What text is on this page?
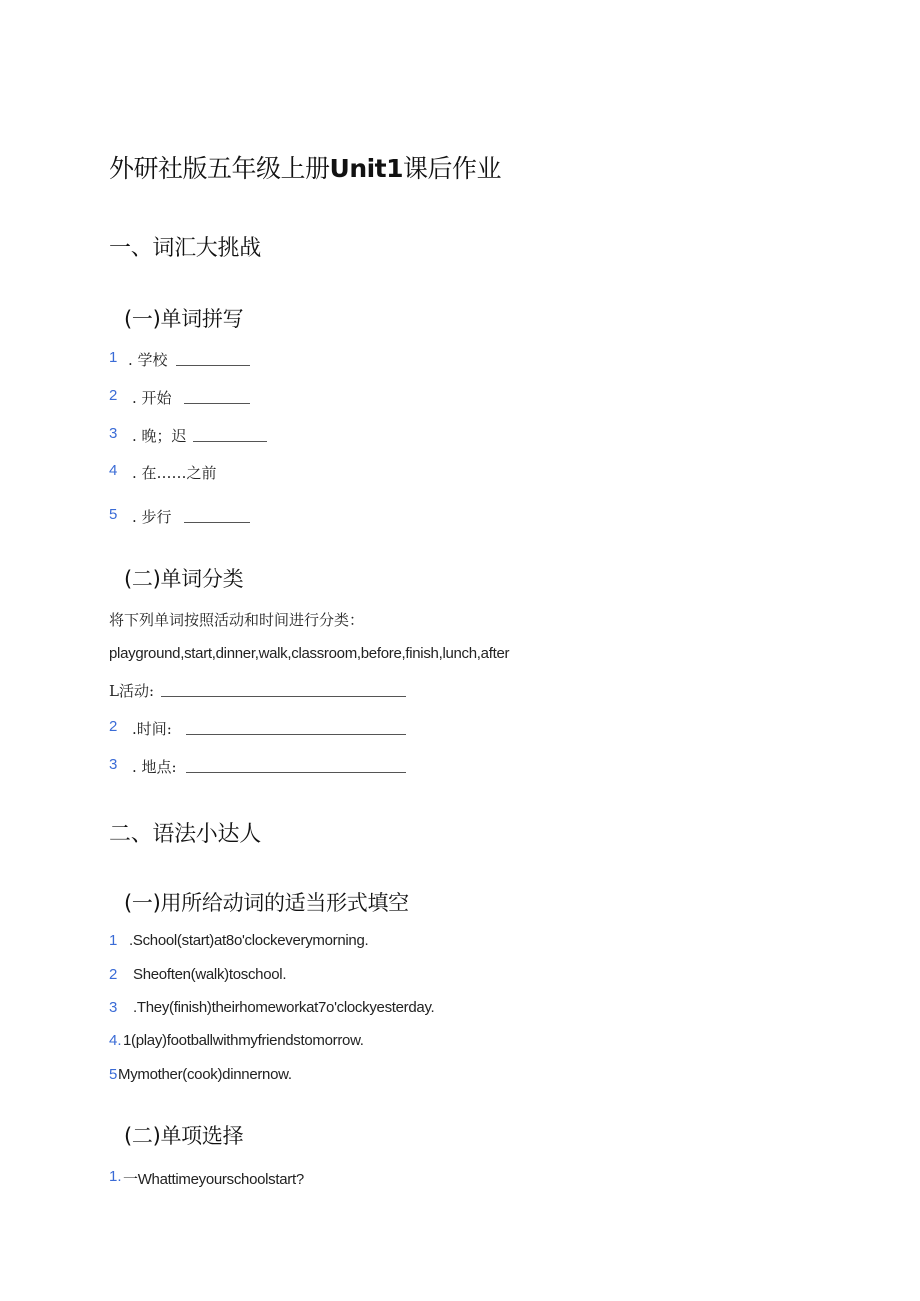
外研社版五年级上册Unit1课后作业
一、词汇大挑战
(一)单词拼写
1 . 学校
2 . 开始
3 . 晚；迟
4 . 在……之前
5 . 步行
(二)单词分类
将下列单词按照活动和时间进行分类：
playground,start,dinner,walk,classroom,before,finish,lunch,after
L活动:
2 .时间:
3 . 地点:
二、语法小达人
(一)用所给动词的适当形式填空
1 .School(start)at8o'clockeverymorning.
2 Sheoften(walk)toschool.
3 .They(finish)theirhomeworkat7o'clockyesterday.
4. 1(play)footballwithmyfriendstomorrow.
5 Mymother(cook)dinnernow.
(二)单项选择
1. 一Whattimeyourschoolstart?
